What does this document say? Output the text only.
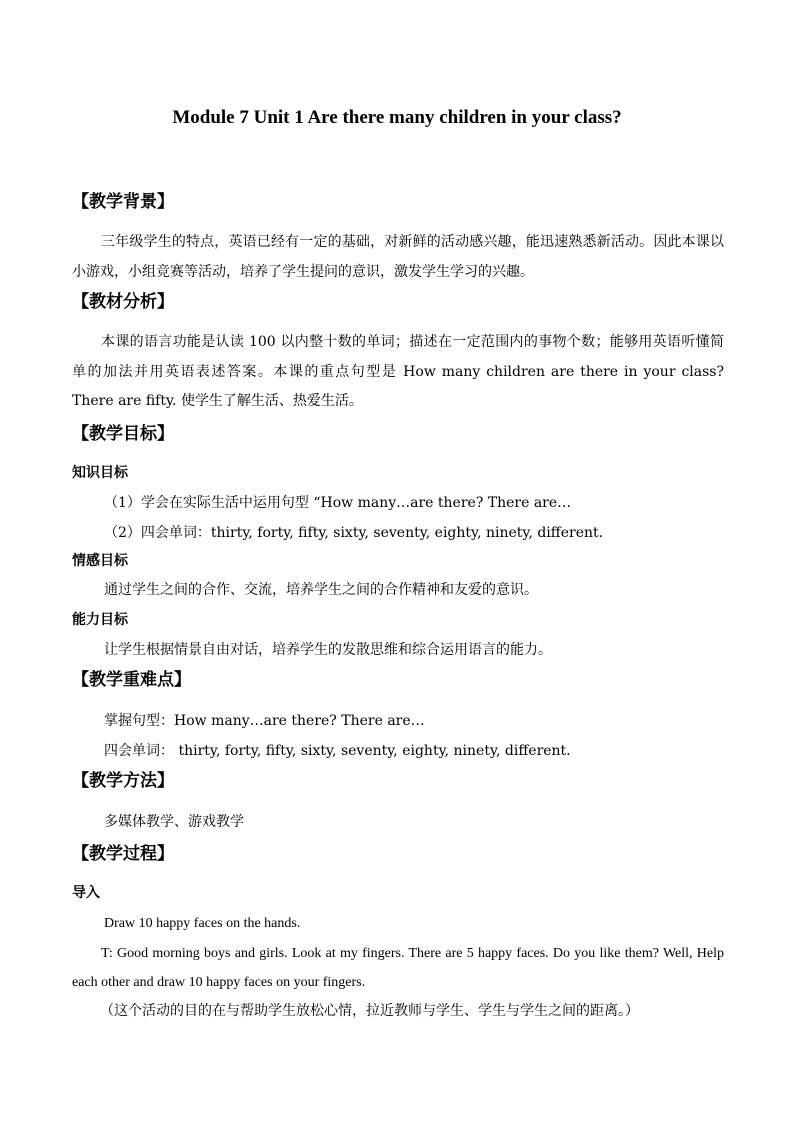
Module 7 Unit 1 Are there many children in your class?
【教学背景】
三年级学生的特点，英语已经有一定的基础，对新鲜的活动感兴趣，能迅速熟悉新活动。因此本课以小游戏，小组竞赛等活动，培养了学生提问的意识，激发学生学习的兴趣。
【教材分析】
本课的语言功能是认读 100 以内整十数的单词；描述在一定范围内的事物个数；能够用英语听懂简单的加法并用英语表述答案。本课的重点句型是 How many children are there in your class? There are fifty. 使学生了解生活、热爱生活。
【教学目标】
知识目标
（1）学会在实际生活中运用句型 “How many…are there? There are…
（2）四会单词：thirty, forty, fifty, sixty, seventy, eighty, ninety, different.
情感目标
通过学生之间的合作、交流，培养学生之间的合作精神和友爱的意识。
能力目标
让学生根据情景自由对话，培养学生的发散思维和综合运用语言的能力。
【教学重难点】
掌握句型：How many…are there? There are…
四会单词： thirty, forty, fifty, sixty, seventy, eighty, ninety, different.
【教学方法】
多媒体教学、游戏教学
【教学过程】
导入
Draw 10 happy faces on the hands.
T: Good morning boys and girls. Look at my fingers. There are 5 happy faces. Do you like them? Well, Help each other and draw 10 happy faces on your fingers.
（这个活动的目的在与帮助学生放松心情，拉近教师与学生、学生与学生之间的距离。）
